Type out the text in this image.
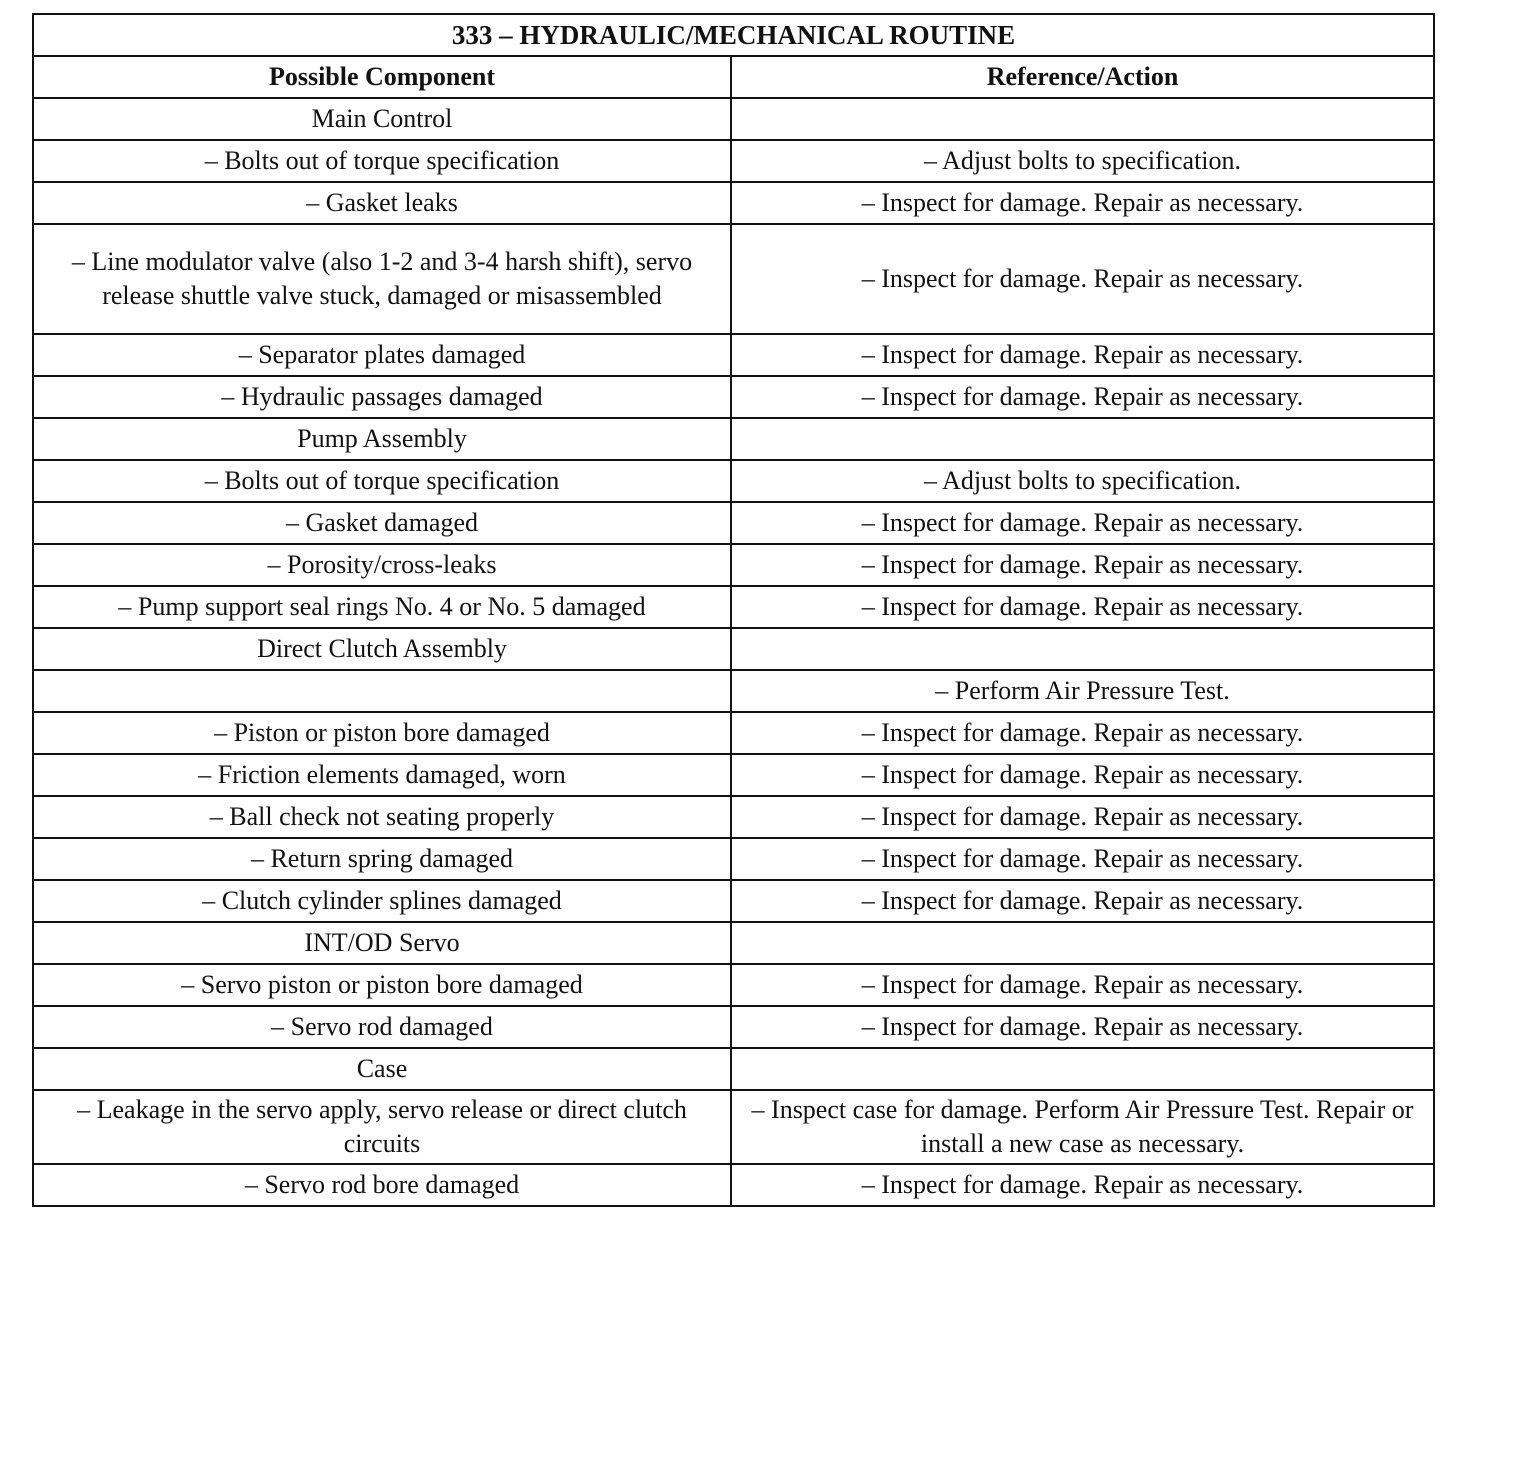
333 – HYDRAULIC/MECHANICAL ROUTINE	
Possible Component	Reference/Action
Main Control	
– Bolts out of torque specification	– Adjust bolts to specification.
– Gasket leaks	– Inspect for damage. Repair as necessary.
– Line modulator valve (also 1-2 and 3-4 harsh shift), servo release shuttle valve stuck, damaged or misassembled	– Inspect for damage. Repair as necessary.
– Separator plates damaged	– Inspect for damage. Repair as necessary.
– Hydraulic passages damaged	– Inspect for damage. Repair as necessary.
Pump Assembly	
– Bolts out of torque specification	– Adjust bolts to specification.
– Gasket damaged	– Inspect for damage. Repair as necessary.
– Porosity/cross-leaks	– Inspect for damage. Repair as necessary.
– Pump support seal rings No. 4 or No. 5 damaged	– Inspect for damage. Repair as necessary.
Direct Clutch Assembly	
	– Perform Air Pressure Test.
– Piston or piston bore damaged	– Inspect for damage. Repair as necessary.
– Friction elements damaged, worn	– Inspect for damage. Repair as necessary.
– Ball check not seating properly	– Inspect for damage. Repair as necessary.
– Return spring damaged	– Inspect for damage. Repair as necessary.
– Clutch cylinder splines damaged	– Inspect for damage. Repair as necessary.
INT/OD Servo	
– Servo piston or piston bore damaged	– Inspect for damage. Repair as necessary.
– Servo rod damaged	– Inspect for damage. Repair as necessary.
Case	
– Leakage in the servo apply, servo release or direct clutch circuits	– Inspect case for damage. Perform Air Pressure Test. Repair or install a new case as necessary.
– Servo rod bore damaged	– Inspect for damage. Repair as necessary.
